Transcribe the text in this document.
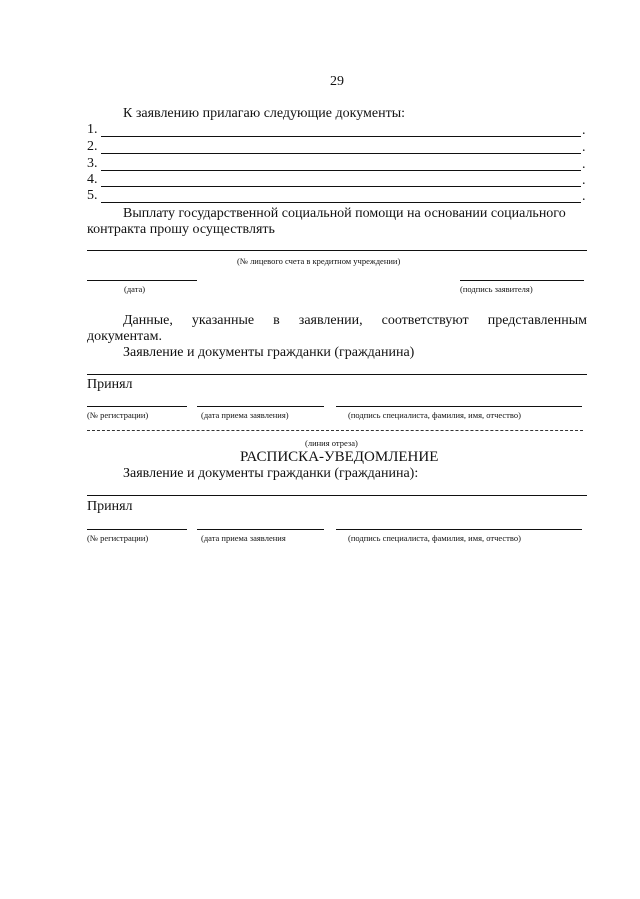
29
К заявлению прилагаю следующие документы:
1.	.
2.	.
3.	.
4.	.
5.	.
Выплату государственной социальной помощи на основании социального
контракта прошу осуществлять
(№ лицевого счета в кредитном учреждении)
(дата)	(подпись заявителя)
Данные, указанные в заявлении, соответствуют представленным
документам.
Заявление и документы гражданки (гражданина)
Принял
(№ регистрации)	(дата приема заявления)	(подпись специалиста, фамилия, имя, отчество)
(линия отреза)
РАСПИСКА-УВЕДОМЛЕНИЕ
Заявление и документы гражданки (гражданина):
Принял
(№ регистрации)	(дата приема заявления	(подпись специалиста, фамилия, имя, отчество)
